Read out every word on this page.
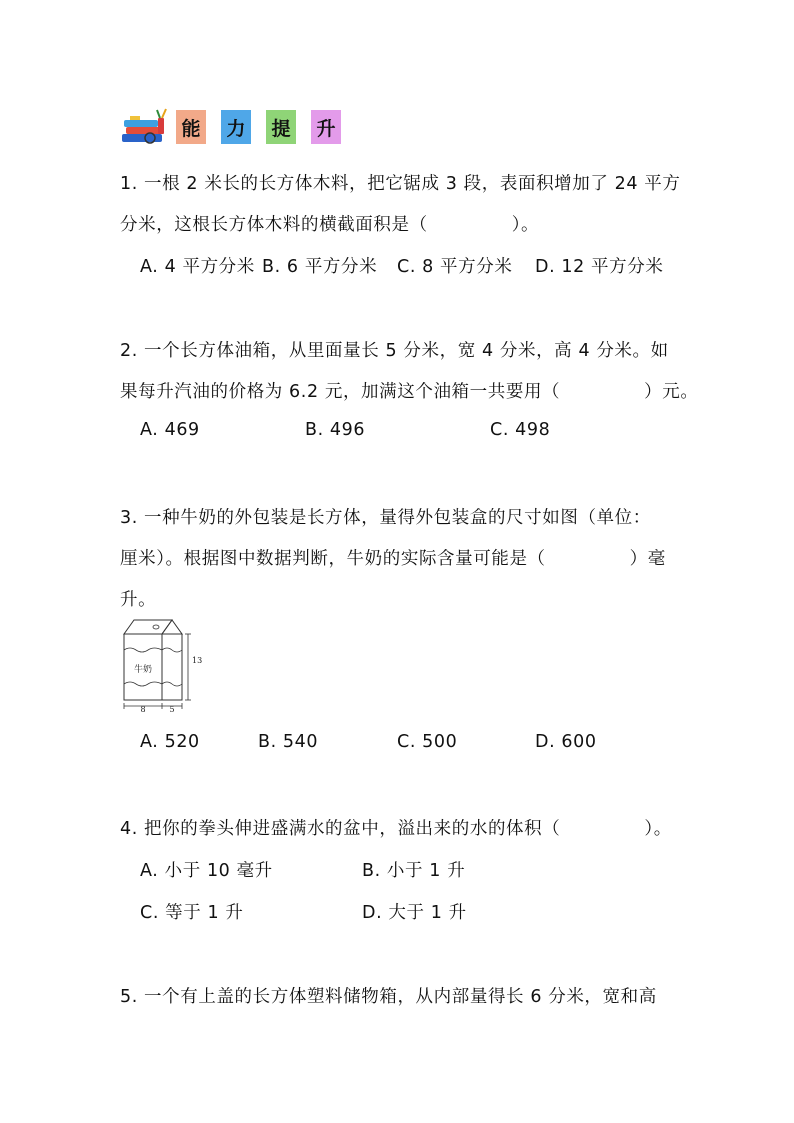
能 力 提 升
1. 一根 2 米长的长方体木料，把它锯成 3 段，表面积增加了 24 平方
分米，这根长方体木料的横截面积是（	）。
A. 4 平方分米 B. 6 平方分米 C. 8 平方分米 D. 12 平方分米
2. 一个长方体油箱，从里面量长 5 分米，宽 4 分米，高 4 分米。如
果每升汽油的价格为 6.2 元，加满这个油箱一共要用（	）元。
A. 469	B. 496	C. 498
3. 一种牛奶的外包装是长方体，量得外包装盒的尺寸如图（单位：
厘米）。根据图中数据判断，牛奶的实际含量可能是（	）毫
升。
牛奶
13
8	5
A. 520	B. 540	C. 500	D. 600
4. 把你的拳头伸进盛满水的盆中，溢出来的水的体积（	）。
A. 小于 10 毫升	B. 小于 1 升
C. 等于 1 升	D. 大于 1 升
5. 一个有上盖的长方体塑料储物箱，从内部量得长 6 分米，宽和高
